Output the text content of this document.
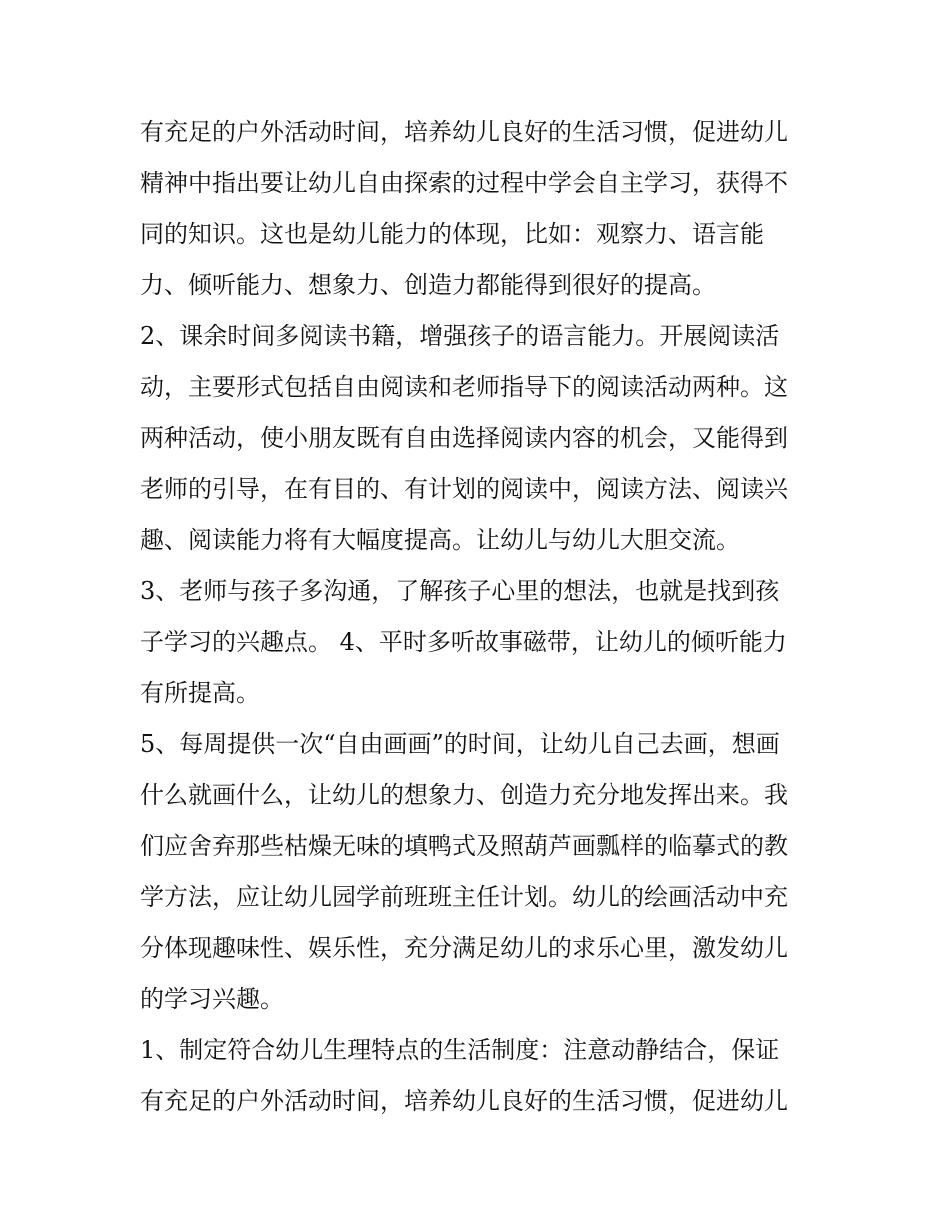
有充足的户外活动时间，培养幼儿良好的生活习惯，促进幼儿

精神中指出要让幼儿自由探索的过程中学会自主学习，获得不

同的知识。这也是幼儿能力的体现，比如：观察力、语言能

力、倾听能力、想象力、创造力都能得到很好的提高。

2、课余时间多阅读书籍，增强孩子的语言能力。开展阅读活

动，主要形式包括自由阅读和老师指导下的阅读活动两种。这

两种活动，使小朋友既有自由选择阅读内容的机会，又能得到

老师的引导，在有目的、有计划的阅读中，阅读方法、阅读兴

趣、阅读能力将有大幅度提高。让幼儿与幼儿大胆交流。

3、老师与孩子多沟通，了解孩子心里的想法，也就是找到孩

子学习的兴趣点。 4、平时多听故事磁带，让幼儿的倾听能力

有所提高。

5、每周提供一次“自由画画”的时间，让幼儿自己去画，想画

什么就画什么，让幼儿的想象力、创造力充分地发挥出来。我

们应舍弃那些枯燥无味的填鸭式及照葫芦画瓢样的临摹式的教

学方法，应让幼儿园学前班班主任计划。幼儿的绘画活动中充

分体现趣味性、娱乐性，充分满足幼儿的求乐心里，激发幼儿

的学习兴趣。

1、制定符合幼儿生理特点的生活制度：注意动静结合，保证

有充足的户外活动时间，培养幼儿良好的生活习惯，促进幼儿
